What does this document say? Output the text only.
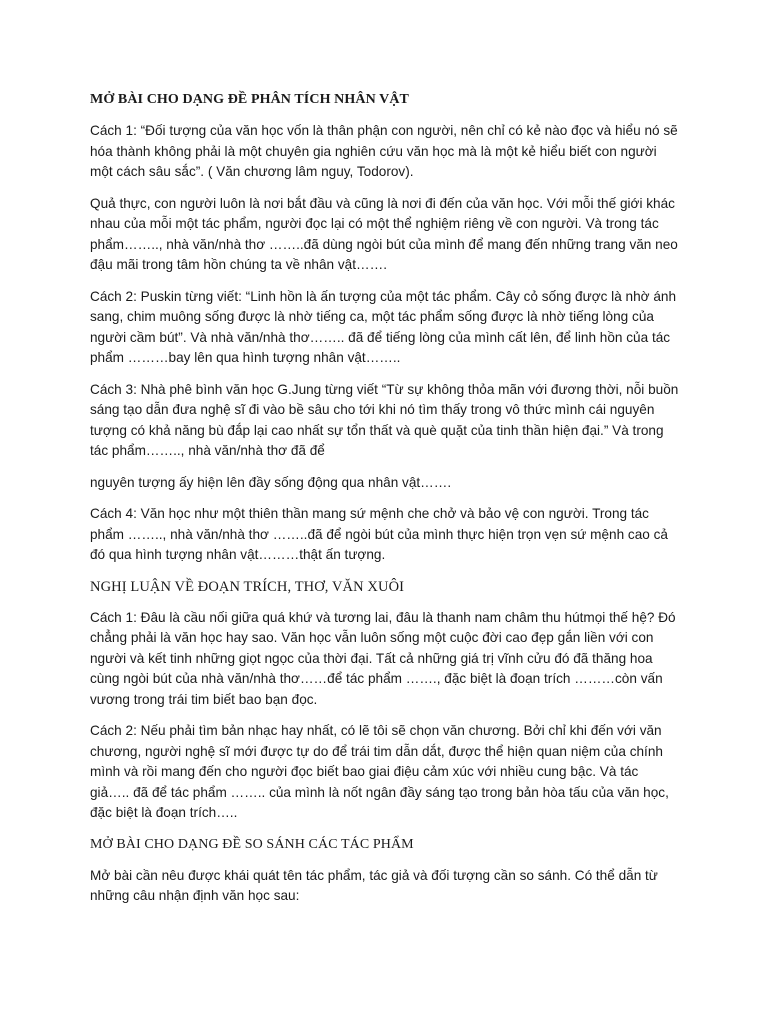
MỞ BÀI CHO DẠNG ĐỀ PHÂN TÍCH NHÂN VẬT

Cách 1: “Đối tượng của văn học vốn là thân phận con người, nên chỉ có kẻ nào đọc và hiểu nó sẽ hóa thành không phải là một chuyên gia nghiên cứu văn học mà là một kẻ hiểu biết con người một cách sâu sắc”. ( Văn chương lâm nguy, Todorov).

Quả thực, con người luôn là nơi bắt đầu và cũng là nơi đi đến của văn học. Với mỗi thế giới khác nhau của mỗi một tác phẩm, người đọc lại có một thể nghiệm riêng về con người. Và trong tác phẩm…….., nhà văn/nhà thơ ……..đã dùng ngòi bút của mình để mang đến những trang văn neo đậu mãi trong tâm hồn chúng ta về nhân vật…….

Cách 2: Puskin từng viết: “Linh hồn là ấn tượng của một tác phẩm. Cây cỏ sống được là nhờ ánh sang, chim muông sống được là nhờ tiếng ca, một tác phẩm sống được là nhờ tiếng lòng của người cầm bút”. Và nhà văn/nhà thơ…….. đã để tiếng lòng của mình cất lên, để linh hồn của tác phẩm ………bay lên qua hình tượng nhân vật……..

Cách 3: Nhà phê bình văn học G.Jung từng viết “Từ sự không thỏa mãn với đương thời, nỗi buồn sáng tạo dẫn đưa nghệ sĩ đi vào bề sâu cho tới khi nó tìm thấy trong vô thức mình cái nguyên tượng có khả năng bù đắp lại cao nhất sự tổn thất và què quặt của tinh thần hiện đại.” Và trong tác phẩm…….., nhà văn/nhà thơ đã để

nguyên tượng ấy hiện lên đầy sống động qua nhân vật…….

Cách 4: Văn học như một thiên thần mang sứ mệnh che chở và bảo vệ con người. Trong tác phẩm …….., nhà văn/nhà thơ ……..đã để ngòi bút của mình thực hiện trọn vẹn sứ mệnh cao cả đó qua hình tượng nhân vật………thật ấn tượng.

NGHỊ LUẬN VỀ ĐOẠN TRÍCH, THƠ, VĂN XUÔI

Cách 1: Đâu là cầu nối giữa quá khứ và tương lai, đâu là thanh nam châm thu hútmọi thế hệ? Đó chẳng phải là văn học hay sao. Văn học vẫn luôn sống một cuộc đời cao đẹp gắn liền với con người và kết tinh những giọt ngọc của thời đại. Tất cả những giá trị vĩnh cửu đó đã thăng hoa cùng ngòi bút của nhà văn/nhà thơ……để tác phẩm ……., đặc biệt là đoạn trích ………còn vấn vương trong trái tim biết bao bạn đọc.

Cách 2: Nếu phải tìm bản nhạc hay nhất, có lẽ tôi sẽ chọn văn chương. Bởi chỉ khi đến với văn chương, người nghệ sĩ mới được tự do để trái tim dẫn dắt, được thể hiện quan niệm của chính mình và rồi mang đến cho người đọc biết bao giai điệu cảm xúc với nhiều cung bậc. Và tác giả….. đã để tác phẩm …….. của mình là nốt ngân đầy sáng tạo trong bản hòa tấu của văn học, đặc biệt là đoạn trích…..

MỞ BÀI CHO DẠNG ĐỀ SO SÁNH CÁC TÁC PHẨM

Mở bài cần nêu được khái quát tên tác phẩm, tác giả và đối tượng cần so sánh. Có thể dẫn từ những câu nhận định văn học sau:
